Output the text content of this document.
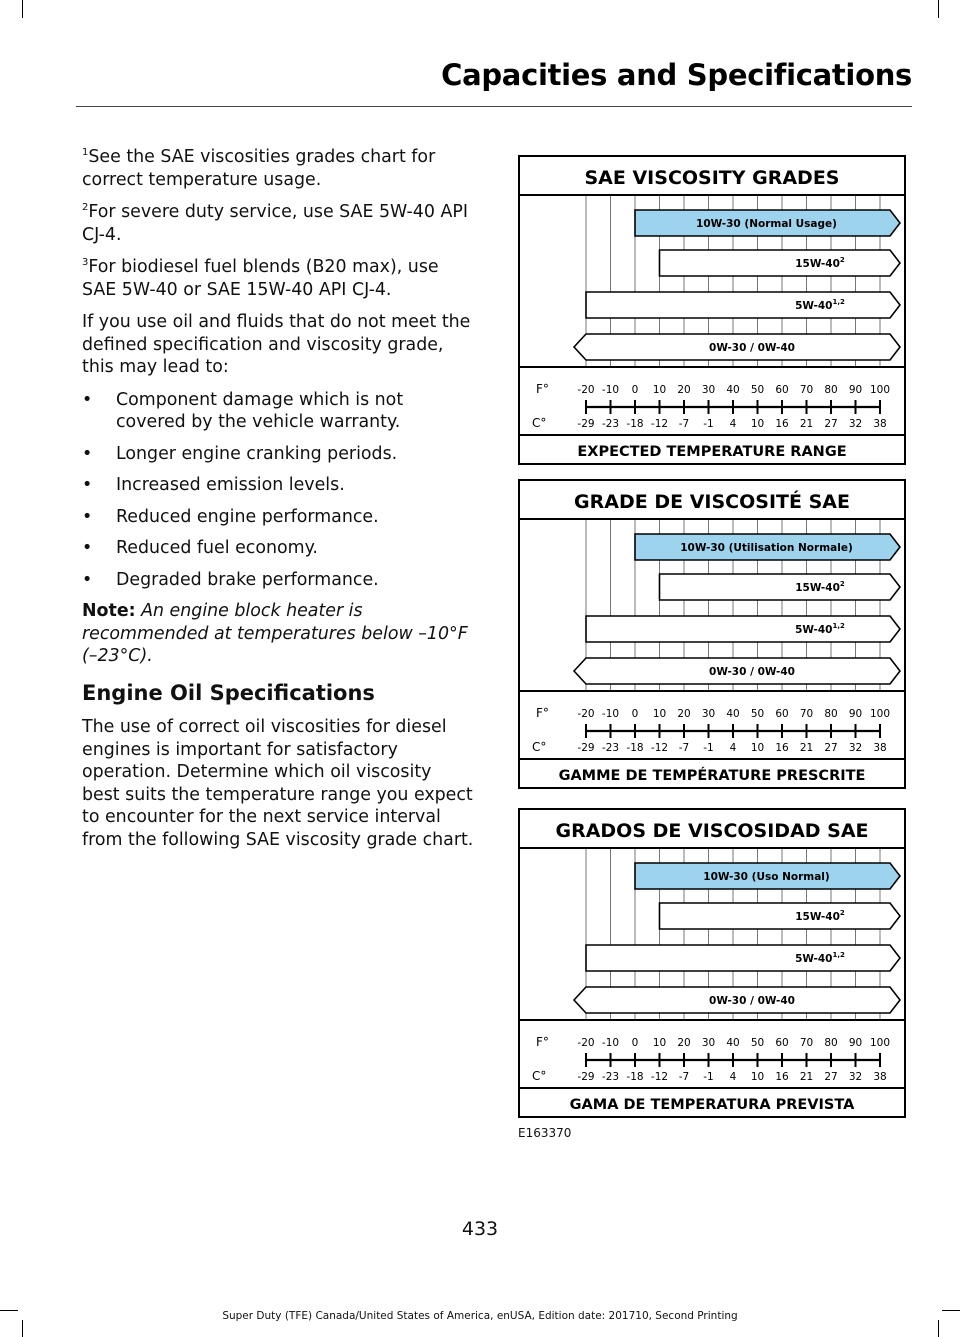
Capacities and Specifications

$^1$See the SAE viscosities grades chart for correct temperature usage.

$^2$For severe duty service, use SAE 5W-40 API CJ-4.

$^3$For biodiesel fuel blends (B20 max), use SAE 5W-40 or SAE 15W-40 API CJ-4.

If you use oil and fluids that do not meet the defined specification and viscosity grade, this may lead to:

• Component damage which is not covered by the vehicle warranty.
• Longer engine cranking periods.
• Increased emission levels.
• Reduced engine performance.
• Reduced fuel economy.
• Degraded brake performance.

Note: An engine block heater is recommended at temperatures below –10°F (–23°C).

Engine Oil Specifications

The use of correct oil viscosities for diesel engines is important for satisfactory operation. Determine which oil viscosity best suits the temperature range you expect to encounter for the next service interval from the following SAE viscosity grade chart.

SAE VISCOSITY GRADES
10W-30 (Normal Usage)
$15W-40^2$
5W-40$^{1,2}$
0W-30 / 0W-40
F°
C°
-20
-29
-10
-23
0
-18
10
-12
20
-7
30
-1
40
4
50
10
60
16
70
21
80
27
90
32
100
38
EXPECTED TEMPERATURE RANGE
GRADE DE VISCOSITÉ SAE
10W-30 (Utilisation Normale)
$15W-40^2$
5W-40$^{1,2}$
0W-30 / 0W-40
F°
C°
-20
-29
-10
-23
0
-18
10
-12
20
-7
30
-1
40
4
50
10
60
16
70
21
80
27
90
32
100
38
GAMME DE TEMPÉRATURE PRESCRITE
GRADOS DE VISCOSIDAD SAE
10W-30 (Uso Normal)
$15W-40^2$
5W-40$^{1,2}$
0W-30 / 0W-40
F°
C°
-20
-29
-10
-23
0
-18
10
-12
20
-7
30
-1
40
4
50
10
60
16
70
21
80
27
90
32
100
38
GAMA DE TEMPERATURA PREVISTA
E163370
433
Super Duty (TFE) Canada/United States of America, enUSA, Edition date: 201710, Second Printing
